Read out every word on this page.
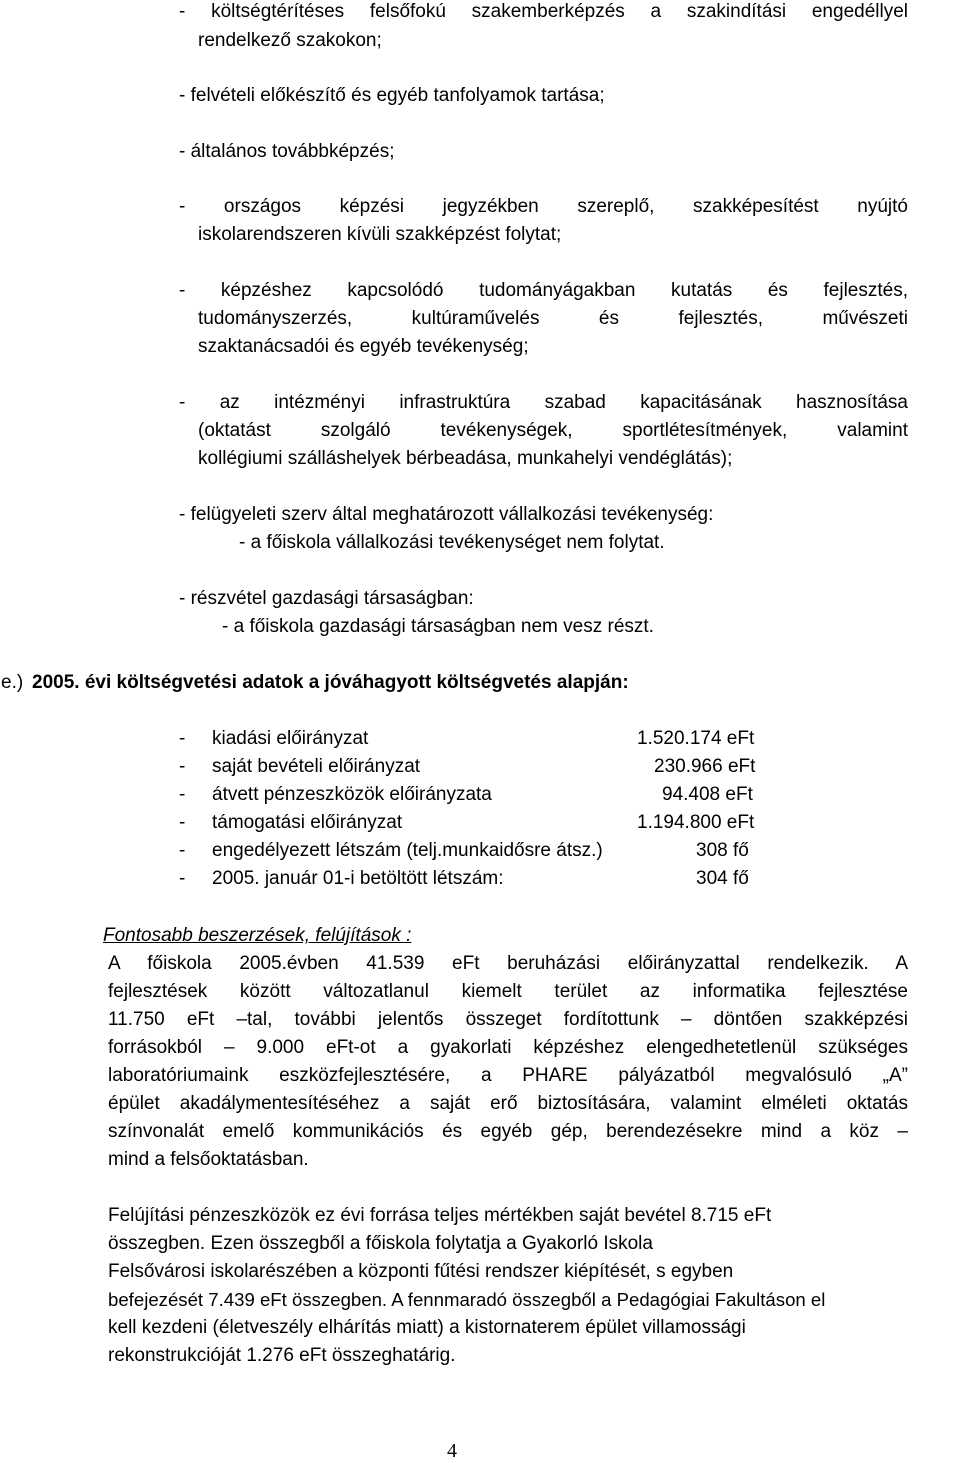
- költségtérítéses felsőfokú szakemberképzés a szakindítási engedéllyel
rendelkező szakokon;
- felvételi előkészítő és egyéb tanfolyamok tartása;
- általános továbbképzés;
- országos képzési jegyzékben szereplő, szakképesítést nyújtó
iskolarendszeren kívüli szakképzést folytat;
- képzéshez kapcsolódó tudományágakban kutatás és fejlesztés,
tudományszerzés, kultúraművelés és fejlesztés, művészeti
szaktanácsadói és egyéb tevékenység;
- az intézményi infrastruktúra szabad kapacitásának hasznosítása
(oktatást szolgáló tevékenységek, sportlétesítmények, valamint
kollégiumi szálláshelyek bérbeadása, munkahelyi vendéglátás);
- felügyeleti szerv által meghatározott vállalkozási tevékenység:
- a főiskola vállalkozási tevékenységet nem folytat.
- részvétel gazdasági társaságban:
- a főiskola gazdasági társaságban nem vesz részt.
e.) 2005. évi költségvetési adatok a jóváhagyott költségvetés alapján:
- kiadási előirányzat	1.520.174 eFt
- saját bevételi előirányzat	230.966 eFt
- átvett pénzeszközök előirányzata	94.408 eFt
- támogatási előirányzat	1.194.800 eFt
- engedélyezett létszám (telj.munkaidősre átsz.)	308 fő
- 2005. január 01-i betöltött létszám:	304 fő
Fontosabb beszerzések, felújítások :
A főiskola 2005.évben 41.539 eFt beruházási előirányzattal rendelkezik. A
fejlesztések között változatlanul kiemelt terület az informatika fejlesztése
11.750 eFt –tal, további jelentős összeget fordítottunk – döntően szakképzési
forrásokból – 9.000 eFt-ot a gyakorlati képzéshez elengedhetetlenül szükséges
laboratóriumaink eszközfejlesztésére, a PHARE pályázatból megvalósuló „A”
épület akadálymentesítéséhez a saját erő biztosítására, valamint elméleti oktatás
színvonalát emelő kommunikációs és egyéb gép, berendezésekre mind a köz –
mind a felsőoktatásban.
Felújítási pénzeszközök ez évi forrása teljes mértékben saját bevétel 8.715 eFt
összegben. Ezen összegből a főiskola folytatja a Gyakorló Iskola
Felsővárosi iskolarészében a központi fűtési rendszer kiépítését, s egyben
befejezését 7.439 eFt összegben. A fennmaradó összegből a Pedagógiai Fakultáson el
kell kezdeni (életveszély elhárítás miatt) a kistornaterem épület villamossági
rekonstrukcióját 1.276 eFt összeghatárig.
4
